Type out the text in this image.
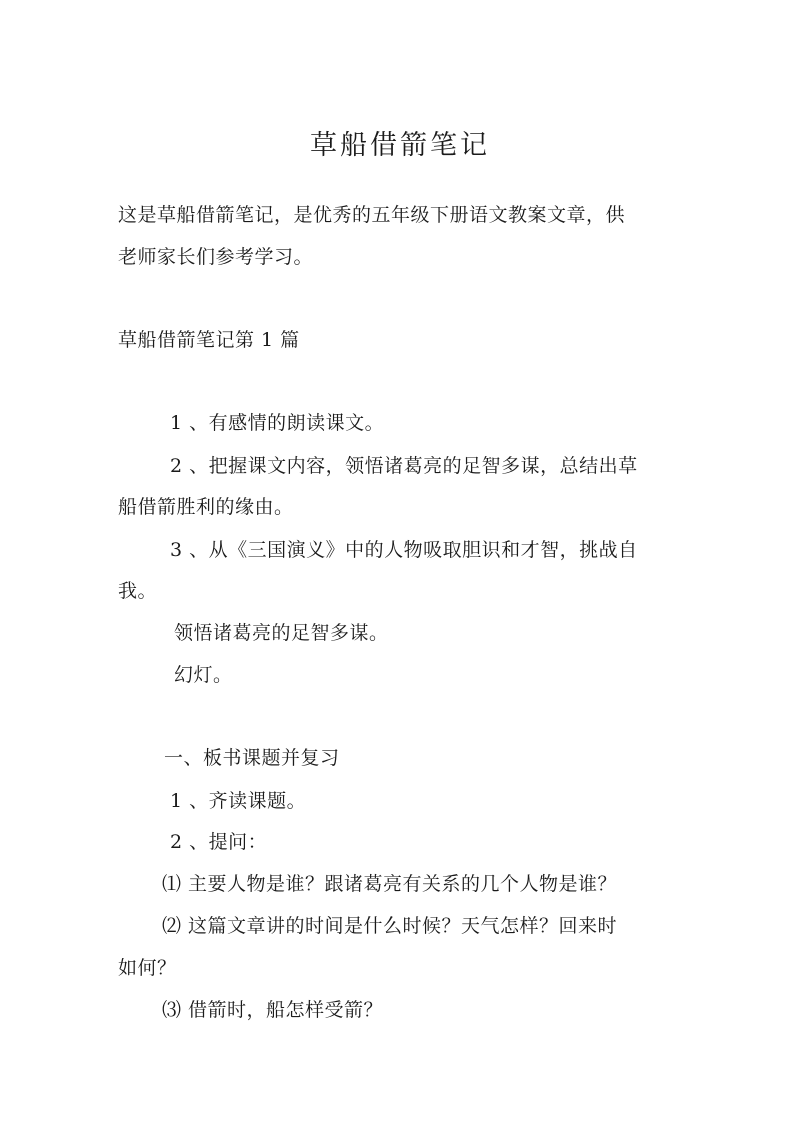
草船借箭笔记

这是草船借箭笔记，是优秀的五年级下册语文教案文章，供

老师家长们参考学习。

草船借箭笔记第 1 篇

1 、有感情的朗读课文。

2 、把握课文内容，领悟诸葛亮的足智多谋，总结出草

船借箭胜利的缘由。

3 、从《三国演义》中的人物吸取胆识和才智，挑战自

我。

领悟诸葛亮的足智多谋。

幻灯。

一、板书课题并复习

1 、齐读课题。

2 、提问：

⑴ 主要人物是谁？跟诸葛亮有关系的几个人物是谁？

⑵ 这篇文章讲的时间是什么时候？天气怎样？回来时

如何？

⑶ 借箭时，船怎样受箭？
